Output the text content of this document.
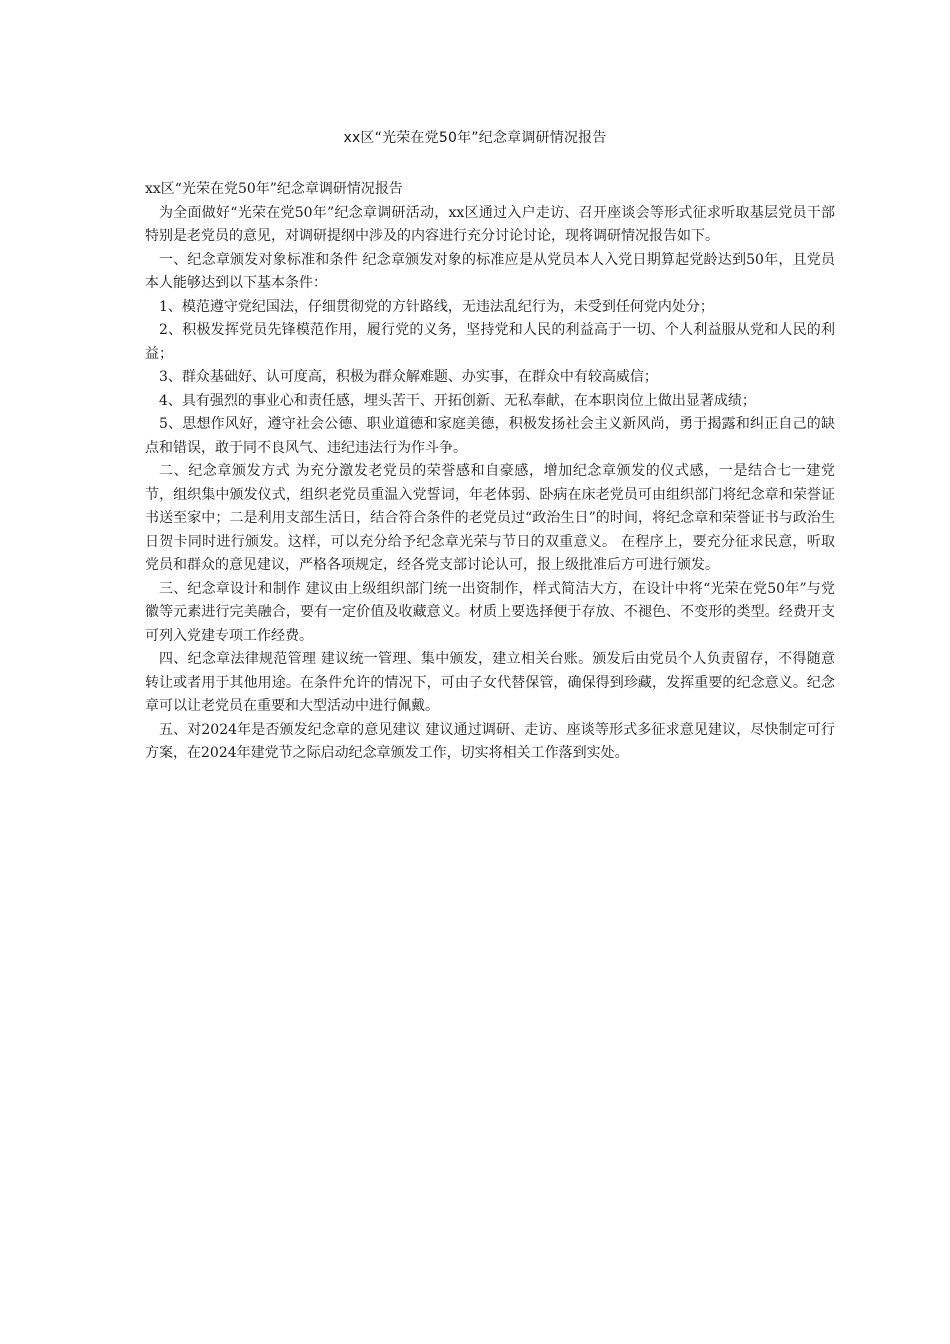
xx区“光荣在党50年”纪念章调研情况报告

xx区“光荣在党50年”纪念章调研情况报告

为全面做好“光荣在党50年”纪念章调研活动，xx区通过入户走访、召开座谈会等形式征求听取基层党员干部特别是老党员的意见，对调研提纲中涉及的内容进行充分讨论讨论，现将调研情况报告如下。

一、纪念章颁发对象标准和条件 纪念章颁发对象的标准应是从党员本人入党日期算起党龄达到50年，且党员本人能够达到以下基本条件：

1、模范遵守党纪国法，仔细贯彻党的方针路线，无违法乱纪行为，未受到任何党内处分；

2、积极发挥党员先锋模范作用，履行党的义务，坚持党和人民的利益高于一切、个人利益服从党和人民的利益；

3、群众基础好、认可度高，积极为群众解难题、办实事，在群众中有较高威信；

4、具有强烈的事业心和责任感，埋头苦干、开拓创新、无私奉献，在本职岗位上做出显著成绩；

5、思想作风好，遵守社会公德、职业道德和家庭美德，积极发扬社会主义新风尚，勇于揭露和纠正自己的缺点和错误，敢于同不良风气、违纪违法行为作斗争。

二、纪念章颁发方式 为充分激发老党员的荣誉感和自豪感，增加纪念章颁发的仪式感，一是结合七一建党节，组织集中颁发仪式，组织老党员重温入党誓词，年老体弱、卧病在床老党员可由组织部门将纪念章和荣誉证书送至家中；二是利用支部生活日，结合符合条件的老党员过“政治生日”的时间，将纪念章和荣誉证书与政治生日贺卡同时进行颁发。这样，可以充分给予纪念章光荣与节日的双重意义。 在程序上，要充分征求民意，听取党员和群众的意见建议，严格各项规定，经各党支部讨论认可，报上级批准后方可进行颁发。

三、纪念章设计和制作 建议由上级组织部门统一出资制作，样式简洁大方，在设计中将“光荣在党50年”与党徽等元素进行完美融合，要有一定价值及收藏意义。材质上要选择便于存放、不褪色、不变形的类型。经费开支可列入党建专项工作经费。

四、纪念章法律规范管理 建议统一管理、集中颁发，建立相关台账。颁发后由党员个人负责留存，不得随意转让或者用于其他用途。在条件允许的情况下，可由子女代替保管，确保得到珍藏，发挥重要的纪念意义。纪念章可以让老党员在重要和大型活动中进行佩戴。

五、对2024年是否颁发纪念章的意见建议 建议通过调研、走访、座谈等形式多征求意见建议，尽快制定可行方案，在2024年建党节之际启动纪念章颁发工作，切实将相关工作落到实处。
